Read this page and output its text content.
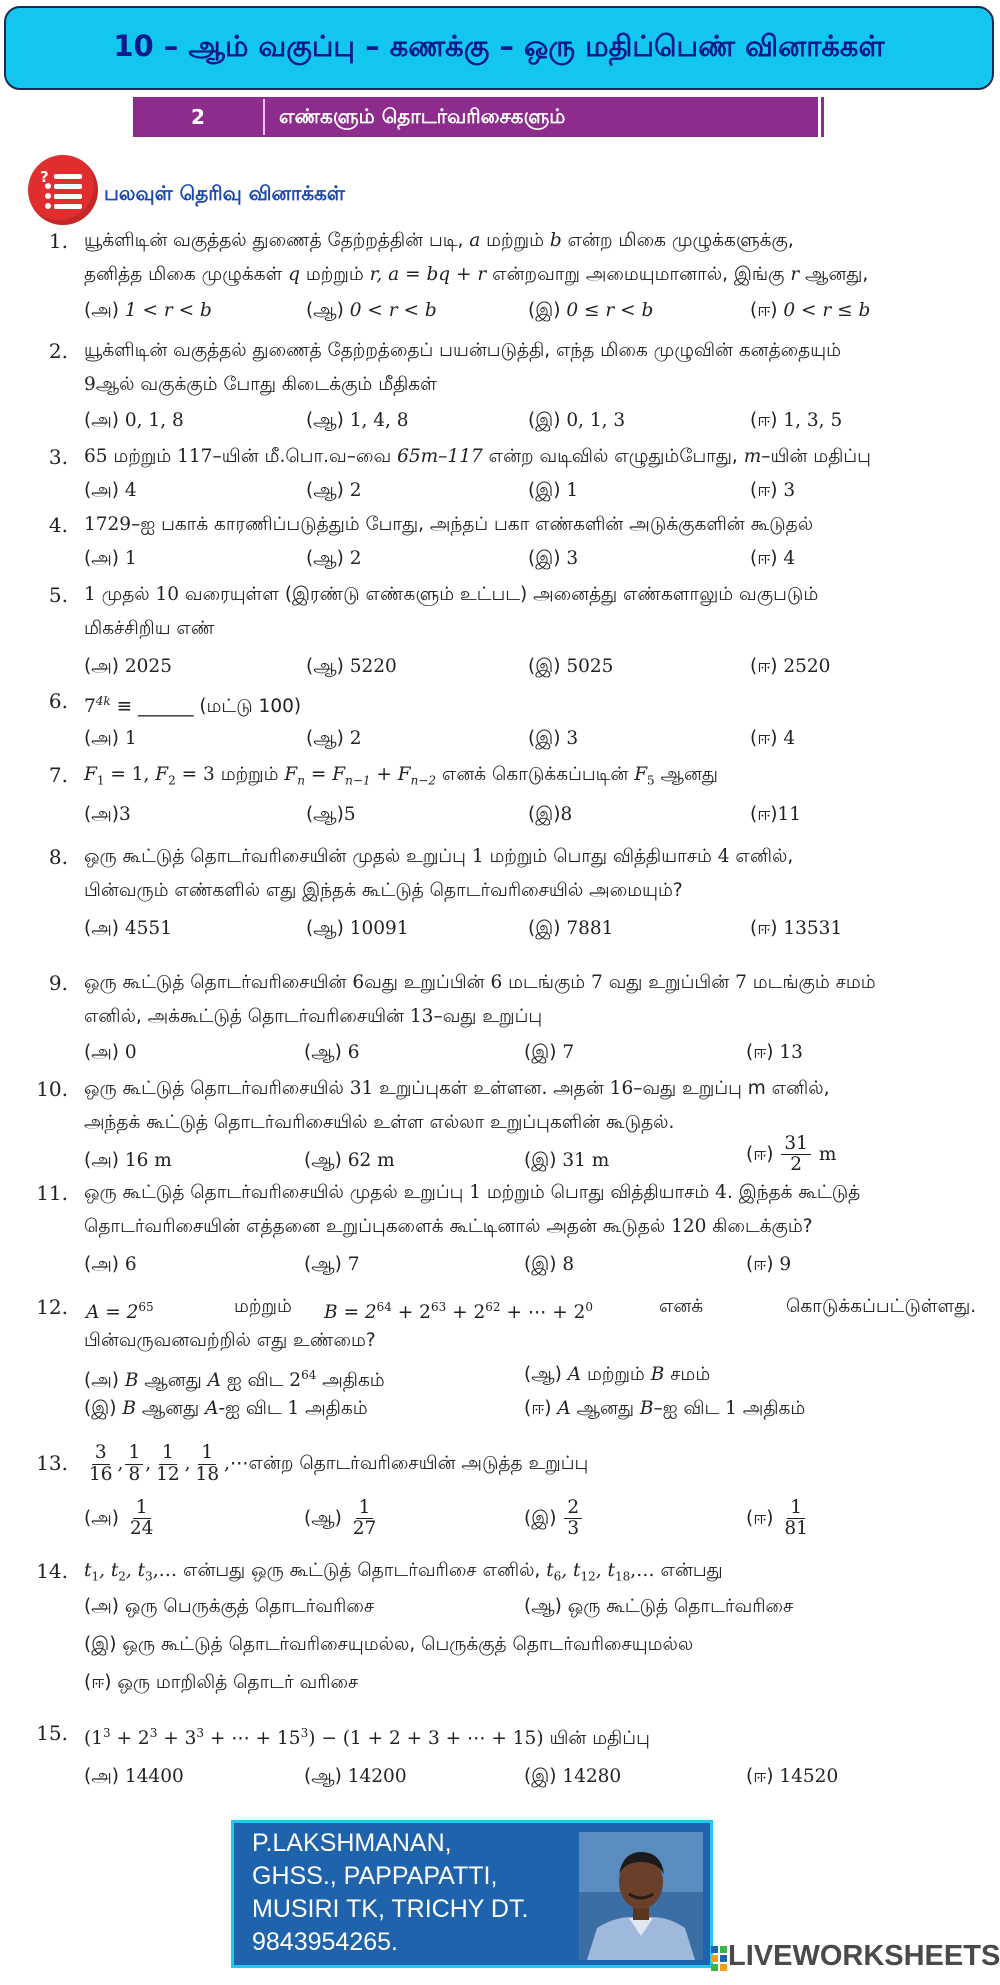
10 – ஆம் வகுப்பு – கணக்கு – ஒரு மதிப்பெண் வினாக்கள்
2	எண்களும் தொடர்வரிசைகளும்
?
பலவுள் தெரிவு வினாக்கள்
1. யூக்ளிடின் வகுத்தல் துணைத் தேற்றத்தின் படி, a மற்றும் b என்ற மிகை முழுக்களுக்கு,
தனித்த மிகை முழுக்கள் q மற்றும் r, a = bq + r என்றவாறு அமையுமானால், இங்கு r ஆனது,
(அ) 1 < r < b	(ஆ) 0 < r < b	(இ) 0 ≤ r < b	(ஈ) 0 < r ≤ b
2. யூக்ளிடின் வகுத்தல் துணைத் தேற்றத்தைப் பயன்படுத்தி, எந்த மிகை முழுவின் கனத்தையும்
9ஆல் வகுக்கும் போது கிடைக்கும் மீதிகள்
(அ) 0, 1, 8	(ஆ) 1, 4, 8	(இ) 0, 1, 3	(ஈ) 1, 3, 5
3. 65 மற்றும் 117–யின் மீ.பொ.வ–வை 65m–117 என்ற வடிவில் எழுதும்போது, m–யின் மதிப்பு
(அ) 4	(ஆ) 2	(இ) 1	(ஈ) 3
4. 1729–ஐ பகாக் காரணிப்படுத்தும் போது, அந்தப் பகா எண்களின் அடுக்குகளின் கூடுதல்
(அ) 1	(ஆ) 2	(இ) 3	(ஈ) 4
5. 1 முதல் 10 வரையுள்ள (இரண்டு எண்களும் உட்பட) அனைத்து எண்களாலும் வகுபடும்
மிகச்சிறிய எண்
(அ) 2025	(ஆ) 5220	(இ) 5025	(ஈ) 2520
6. $7^{4k}$ ≡ ______ (மட்டு 100)
(அ) 1	(ஆ) 2	(இ) 3	(ஈ) 4
7. $F_1 = 1$, $F_2 = 3$ மற்றும் $F_n = F_{n-1} + F_{n-2}$ எனக் கொடுக்கப்படின் $F_5$ ஆனது
(அ)3	(ஆ)5	(இ)8	(ஈ)11
8. ஒரு கூட்டுத் தொடர்வரிசையின் முதல் உறுப்பு 1 மற்றும் பொது வித்தியாசம் 4 எனில்,
பின்வரும் எண்களில் எது இந்தக் கூட்டுத் தொடர்வரிசையில் அமையும்?
(அ) 4551	(ஆ) 10091	(இ) 7881	(ஈ) 13531
9. ஒரு கூட்டுத் தொடர்வரிசையின் 6வது உறுப்பின் 6 மடங்கும் 7 வது உறுப்பின் 7 மடங்கும் சமம்
எனில், அக்கூட்டுத் தொடர்வரிசையின் 13–வது உறுப்பு
(அ) 0	(ஆ) 6	(இ) 7	(ஈ) 13
10. ஒரு கூட்டுத் தொடர்வரிசையில் 31 உறுப்புகள் உள்ளன. அதன் 16–வது உறுப்பு m எனில்,
அந்தக் கூட்டுத் தொடர்வரிசையில் உள்ள எல்லா உறுப்புகளின் கூடுதல்.
(அ) 16 m	(ஆ) 62 m	(இ) 31 m	(ஈ) $\frac{31}{2}$ m
11. ஒரு கூட்டுத் தொடர்வரிசையில் முதல் உறுப்பு 1 மற்றும் பொது வித்தியாசம் 4. இந்தக் கூட்டுத்
தொடர்வரிசையின் எத்தனை உறுப்புகளைக் கூட்டினால் அதன் கூடுதல் 120 கிடைக்கும்?
(அ) 6	(ஆ) 7	(இ) 8	(ஈ) 9
12. $A = 2^{65}$	மற்றும் $B = 2^{64} + 2^{63} + 2^{62}$ + ⋯ + $2^0$	எனக்	கொடுக்கப்பட்டுள்ளது.
பின்வருவனவற்றில் எது உண்மை?
(அ) B ஆனது A ஐ விட $2^{64}$ அதிகம்	(ஆ) A மற்றும் B சமம்
(இ) B ஆனது A-ஐ விட 1 அதிகம்	(ஈ) A ஆனது B–ஐ விட 1 அதிகம்
13. $\frac{3}{16}$ , $\frac{1}{8}$ , $\frac{1}{12}$ , $\frac{1}{18}$ ,⋯ என்ற தொடர்வரிசையின் அடுத்த உறுப்பு
(அ) $\frac{1}{24}$	(ஆ) $\frac{1}{27}$	(இ) $\frac{2}{3}$	(ஈ) $\frac{1}{81}$
14. $t_1$, $t_2$, $t_3,\dots$ என்பது ஒரு கூட்டுத் தொடர்வரிசை எனில், $t_6$, $t_{12}$, $t_{18},\dots$ என்பது
(அ) ஒரு பெருக்குத் தொடர்வரிசை	(ஆ) ஒரு கூட்டுத் தொடர்வரிசை
(இ) ஒரு கூட்டுத் தொடர்வரிசையுமல்ல, பெருக்குத் தொடர்வரிசையுமல்ல
(ஈ) ஒரு மாறிலித் தொடர் வரிசை
15. ($1^3 + 2^3 + 3^3$ + ⋯ + $15^3) - (1 + 2 + 3$ + ⋯ + 15) யின் மதிப்பு
(அ) 14400	(ஆ) 14200	(இ) 14280	(ஈ) 14520
P.LAKSHMANAN,
GHSS., PAPPAPATTI,
MUSIRI TK, TRICHY DT.
9843954265.	LIVEWORKSHEETS
